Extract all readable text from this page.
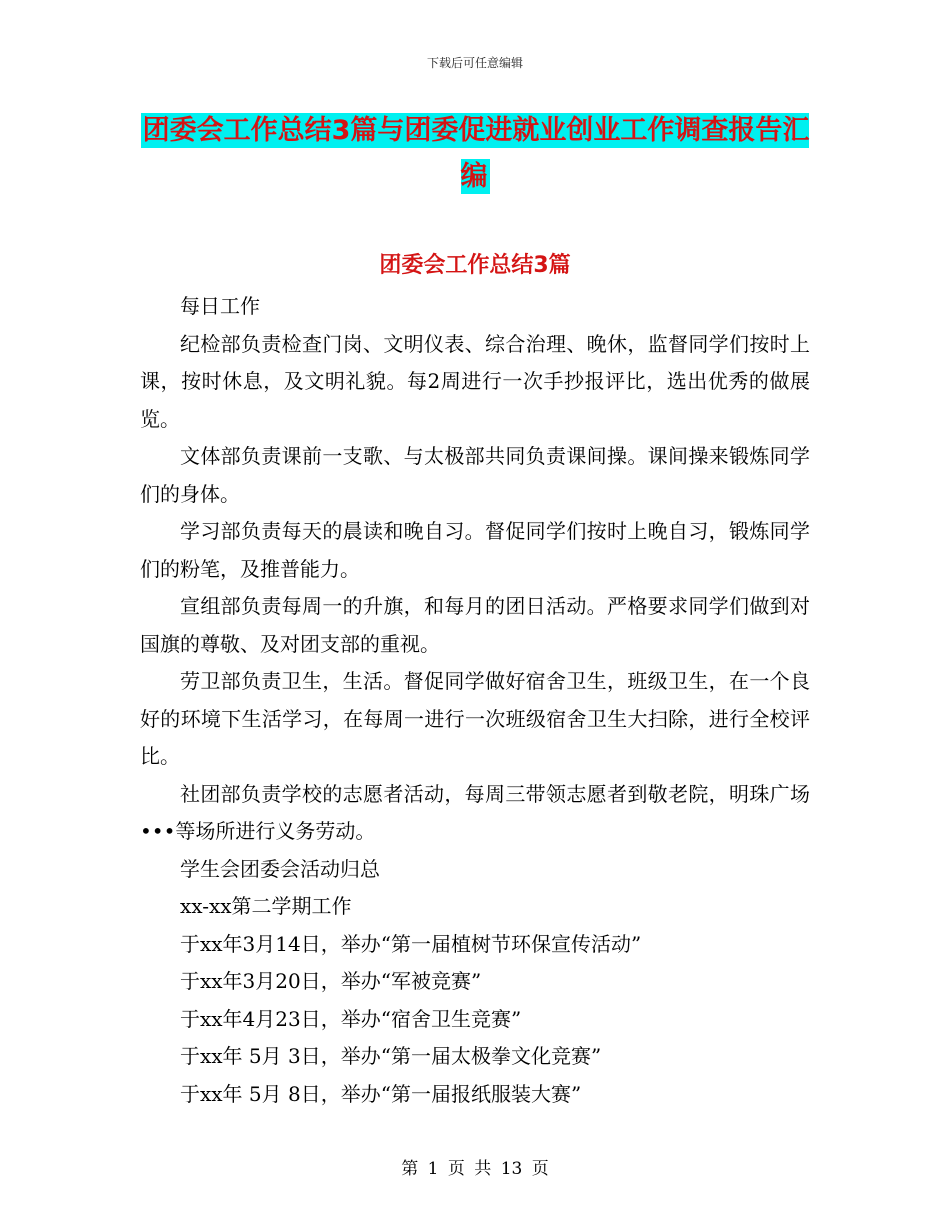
下载后可任意编辑
团委会工作总结3篇与团委促进就业创业工作调查报告汇编
团委会工作总结3篇

每日工作

纪检部负责检查门岗、文明仪表、综合治理、晚休，监督同学们按时上课，按时休息，及文明礼貌。每2周进行一次手抄报评比，选出优秀的做展览。

文体部负责课前一支歌、与太极部共同负责课间操。课间操来锻炼同学们的身体。

学习部负责每天的晨读和晚自习。督促同学们按时上晚自习，锻炼同学们的粉笔，及推普能力。

宣组部负责每周一的升旗，和每月的团日活动。严格要求同学们做到对国旗的尊敬、及对团支部的重视。

劳卫部负责卫生，生活。督促同学做好宿舍卫生，班级卫生，在一个良好的环境下生活学习，在每周一进行一次班级宿舍卫生大扫除，进行全校评比。

社团部负责学校的志愿者活动，每周三带领志愿者到敬老院，明珠广场•••等场所进行义务劳动。

学生会团委会活动归总

xx-xx第二学期工作

于xx年3月14日，举办“第一届植树节环保宣传活动”

于xx年3月20日，举办“军被竞赛”

于xx年4月23日，举办“宿舍卫生竞赛”

于xx年 5月 3日，举办“第一届太极拳文化竞赛”

于xx年 5月 8日，举办“第一届报纸服装大赛”

第 1 页 共 13 页
